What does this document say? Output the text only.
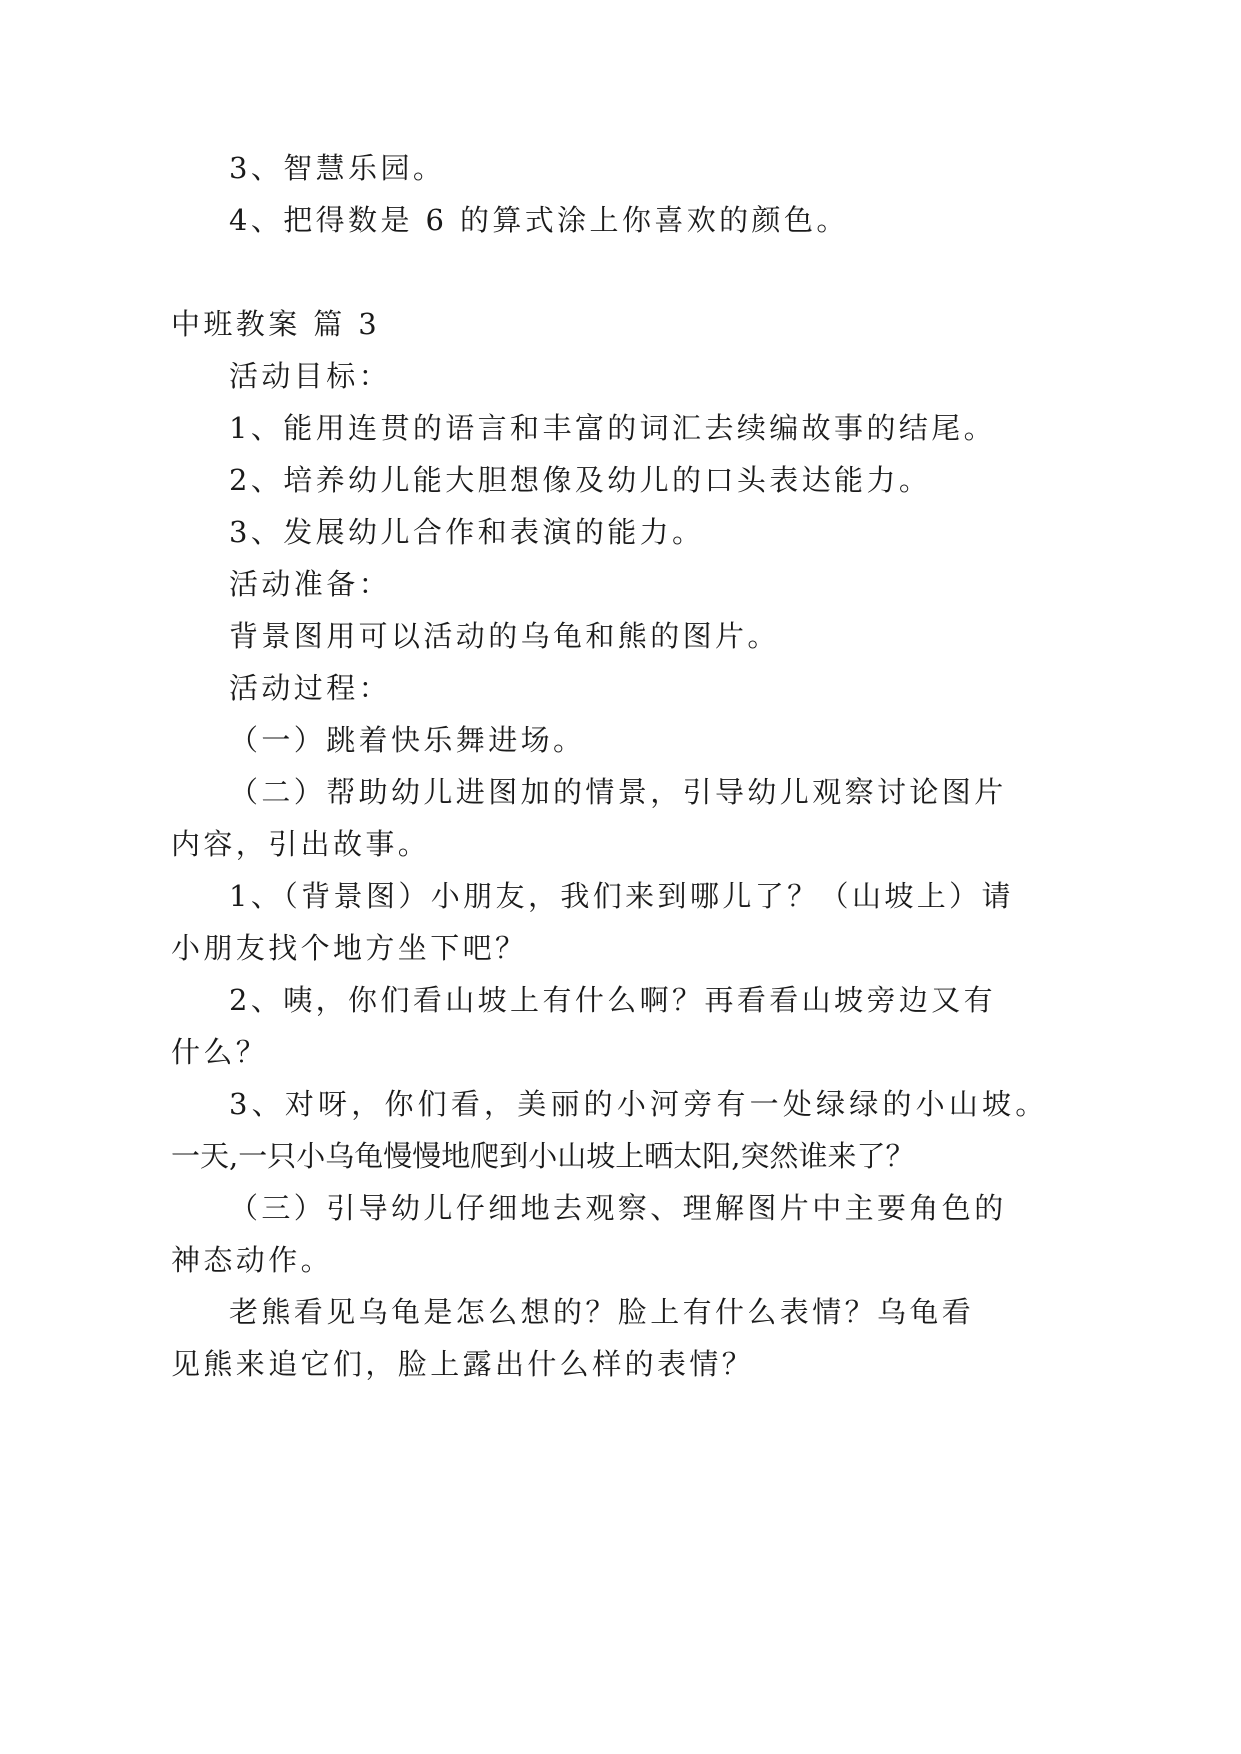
3、智慧乐园。
4、把得数是 6 的算式涂上你喜欢的颜色。
中班教案 篇 3
活动目标：
1、能用连贯的语言和丰富的词汇去续编故事的结尾。
2、培养幼儿能大胆想像及幼儿的口头表达能力。
3、发展幼儿合作和表演的能力。
活动准备：
背景图用可以活动的乌龟和熊的图片。
活动过程：
（一）跳着快乐舞进场。
（二）帮助幼儿进图加的情景，引导幼儿观察讨论图片
内容，引出故事。
1、（背景图）小朋友，我们来到哪儿了？（山坡上）请
小朋友找个地方坐下吧？
2、咦，你们看山坡上有什么啊？再看看山坡旁边又有
什么？
3、对呀，你们看，美丽的小河旁有一处绿绿的小山坡。
一天,一只小乌龟慢慢地爬到小山坡上晒太阳,突然谁来了？
（三）引导幼儿仔细地去观察、理解图片中主要角色的
神态动作。
老熊看见乌龟是怎么想的？脸上有什么表情？乌龟看
见熊来追它们，脸上露出什么样的表情？
